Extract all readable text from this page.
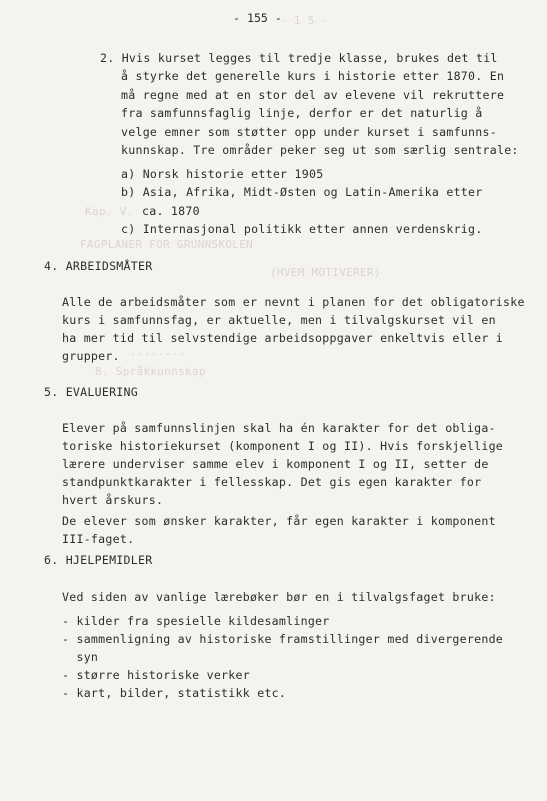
- 1 5 -
Kap. V.
FAGPLANER FOR GRUNNSKOLEN
(HVEM MOTIVERER)
........
8. Språkkunnskap
- 155 -
2. Hvis kurset legges til tredje klasse, brukes det til
å styrke det generelle kurs i historie etter 1870. En
må regne med at en stor del av elevene vil rekruttere
fra samfunnsfaglig linje, derfor er det naturlig å
velge emner som støtter opp under kurset i samfunns-
kunnskap. Tre områder peker seg ut som særlig sentrale:
a) Norsk historie etter 1905
b) Asia, Afrika, Midt-Østen og Latin-Amerika etter
ca. 1870
c) Internasjonal politikk etter annen verdenskrig.
4. ARBEIDSMÅTER
Alle de arbeidsmåter som er nevnt i planen for det obligatoriske
kurs i samfunnsfag, er aktuelle, men i tilvalgskurset vil en
ha mer tid til selvstendige arbeidsoppgaver enkeltvis eller i
grupper.
5. EVALUERING
Elever på samfunnslinjen skal ha én karakter for det obliga-
toriske historiekurset (komponent I og II). Hvis forskjellige
lærere underviser samme elev i komponent I og II, setter de
standpunktkarakter i fellesskap. Det gis egen karakter for
hvert årskurs.
De elever som ønsker karakter, får egen karakter i komponent
III-faget.
6. HJELPEMIDLER
Ved siden av vanlige lærebøker bør en i tilvalgsfaget bruke:
- kilder fra spesielle kildesamlinger
- sammenligning av historiske framstillinger med divergerende
syn
- større historiske verker
- kart, bilder, statistikk etc.
